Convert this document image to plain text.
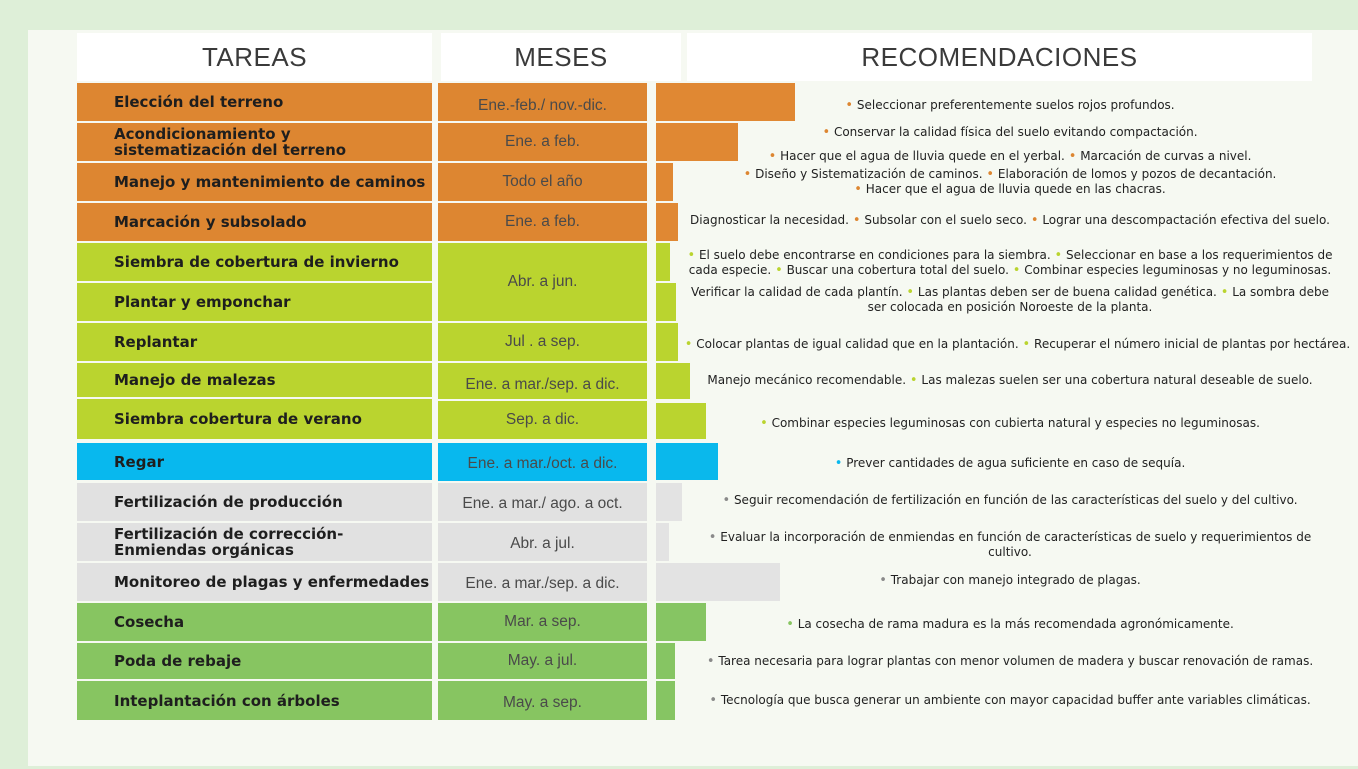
TAREAS	MESES	RECOMENDACIONES
Elección del terreno
Acondicionamiento y sistematización del terreno
Manejo y mantenimiento de caminos
Marcación y subsolado
Siembra de cobertura de invierno
Plantar y emponchar
Replantar
Manejo de malezas
Siembra cobertura de verano
Regar
Fertilización de producción
Fertilización de corrección- Enmiendas orgánicas
Monitoreo de plagas y enfermedades
Cosecha
Poda de rebaje
Inteplantación con árboles
Ene.-feb./ nov.-dic.
Ene. a feb.
Todo el año
Ene. a feb.
Abr. a jun.
Jul . a sep.
Ene. a mar./sep. a dic.
Sep. a dic.
Ene. a mar./oct. a dic.
Ene. a mar./ ago. a oct.
Abr. a jul.
Ene. a mar./sep. a dic.
Mar. a sep.
May. a jul.
May. a sep.
• Seleccionar preferentemente suelos rojos profundos.
• Conservar la calidad física del suelo evitando compactación.
• Hacer que el agua de lluvia quede en el yerbal. • Marcación de curvas a nivel.
• Diseño y Sistematización de caminos. • Elaboración de lomos y pozos de decantación.
• Hacer que el agua de lluvia quede en las chacras.
Diagnosticar la necesidad. • Subsolar con el suelo seco. • Lograr una descompactación efectiva del suelo.
• El suelo debe encontrarse en condiciones para la siembra. • Seleccionar en base a los requerimientos de
cada especie. • Buscar una cobertura total del suelo. • Combinar especies leguminosas y no leguminosas.
Verificar la calidad de cada plantín. • Las plantas deben ser de buena calidad genética. • La sombra debe
ser colocada en posición Noroeste de la planta.
• Colocar plantas de igual calidad que en la plantación. • Recuperar el número inicial de plantas por hectárea.
Manejo mecánico recomendable. • Las malezas suelen ser una cobertura natural deseable de suelo.
• Combinar especies leguminosas con cubierta natural y especies no leguminosas.
• Prever cantidades de agua suficiente en caso de sequía.
• Seguir recomendación de fertilización en función de las características del suelo y del cultivo.
• Evaluar la incorporación de enmiendas en función de características de suelo y requerimientos de
cultivo.
• Trabajar con manejo integrado de plagas.
• La cosecha de rama madura es la más recomendada agronómicamente.
• Tarea necesaria para lograr plantas con menor volumen de madera y buscar renovación de ramas.
• Tecnología que busca generar un ambiente con mayor capacidad buffer ante variables climáticas.
